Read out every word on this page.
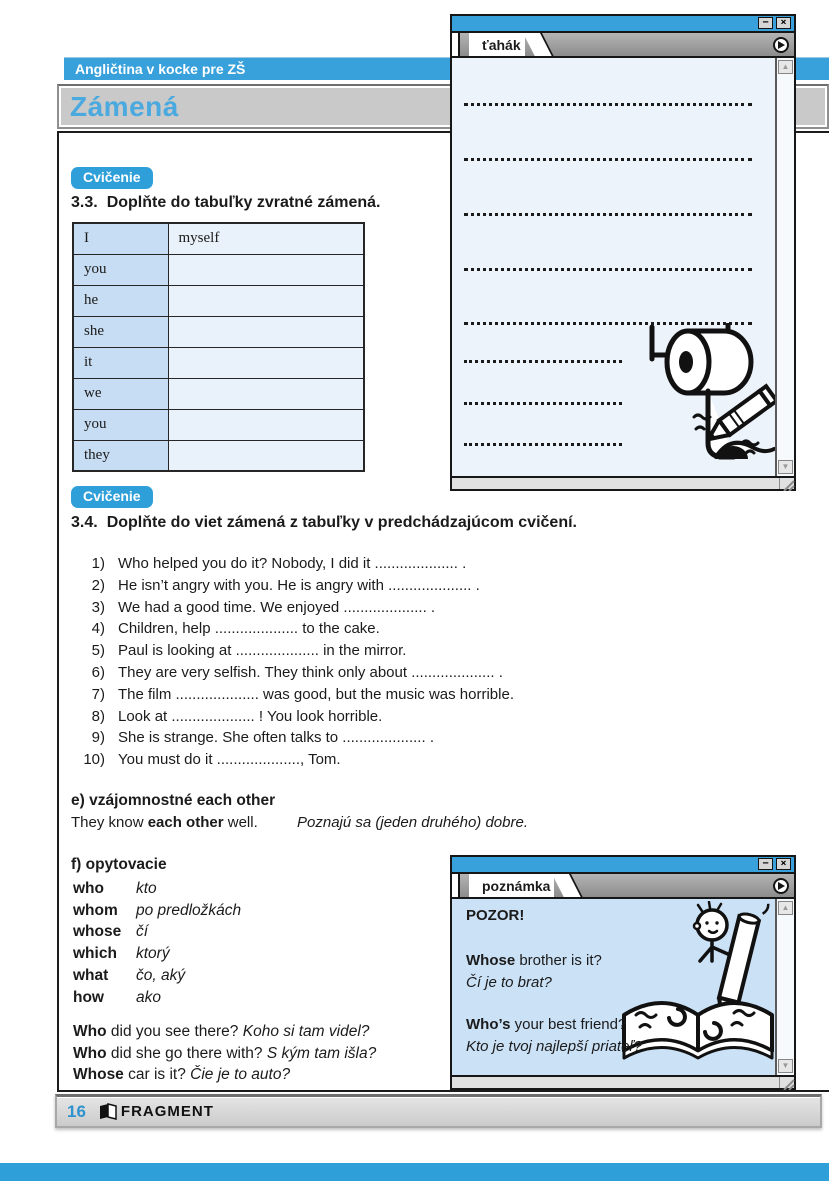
Angličtina v kocke pre ZŠ
Zámená
Cvičenie
3.3. Doplňte do tabuľky zvratné zámená.
I	myself
you	
he	
she	
it	
we	
you	
they	
Cvičenie
3.4. Doplňte do viet zámená z tabuľky v predchádzajúcom cvičení.
1) Who helped you do it? Nobody, I did it .................... .
2) He isn’t angry with you. He is angry with .................... .
3) We had a good time. We enjoyed .................... .
4) Children, help .................... to the cake.
5) Paul is looking at .................... in the mirror.
6) They are very selfish. They think only about .................... .
7) The film .................... was good, but the music was horrible.
8) Look at .................... ! You look horrible.
9) She is strange. She often talks to .................... .
10) You must do it ...................., Tom.
e) vzájomnostné each other
They know each other well.	Poznajú sa (jeden druhého) dobre.
f) opytovacie
who	kto
whom	po predložkách
whose čí
which	ktorý
what	čo, aký
how	ako
Who did you see there? Koho si tam videl?
Who did she go there with? S kým tam išla?
Whose car is it? Čie je to auto?
16 FRAGMENT
−	×
ťahák
▲
▼
−	×
poznámka
POZOR!
Whose brother is it?
Čí je to brat?
Who’s your best friend?
Kto je tvoj najlepší priateľ?
▲
▼
